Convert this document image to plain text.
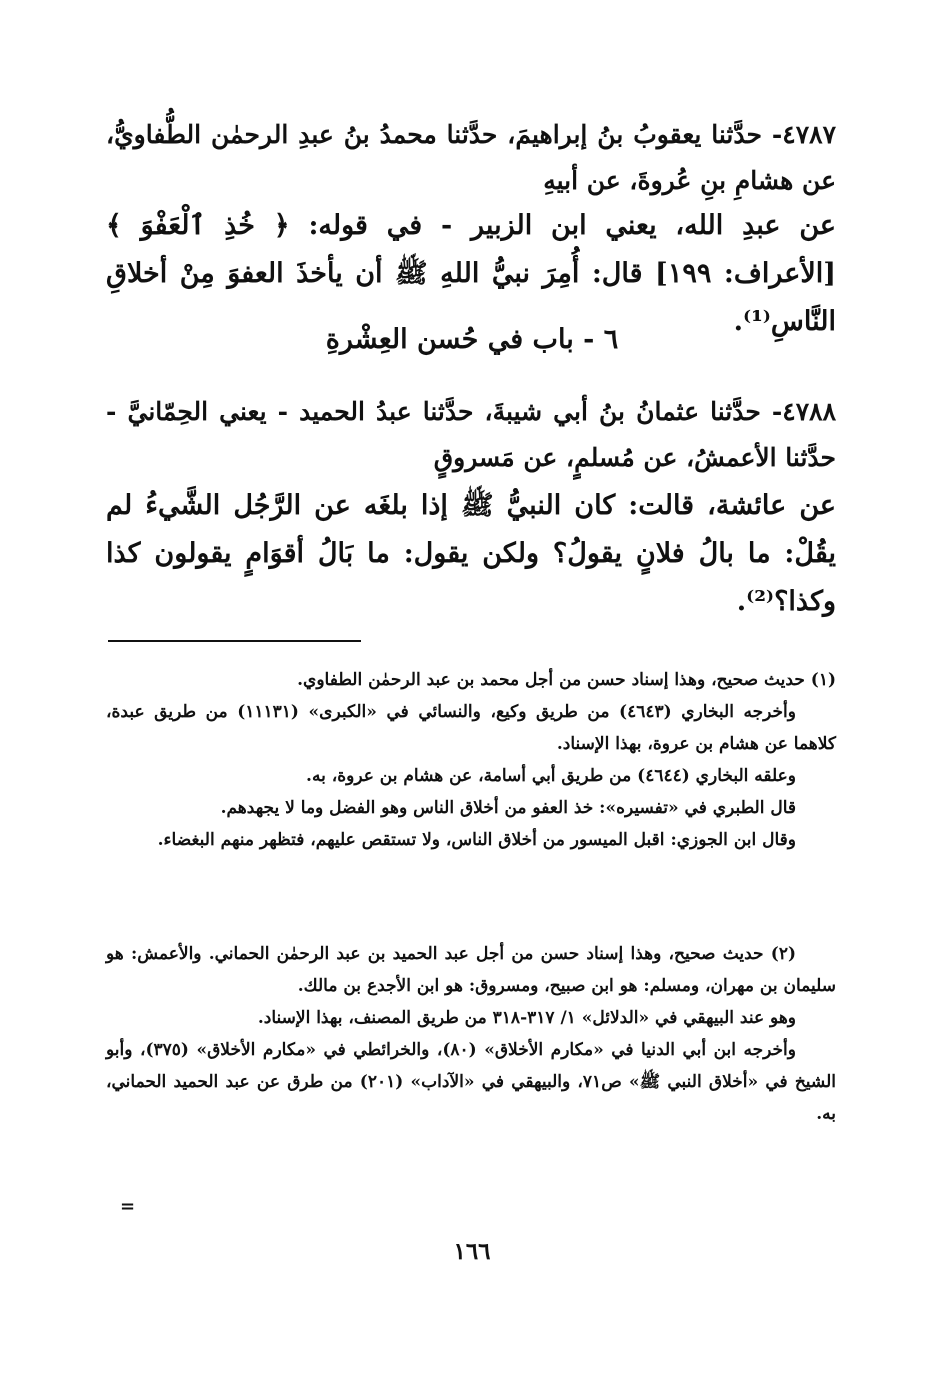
٤٧٨٧- حدَّثنا يعقوبُ بنُ إبراهيمَ، حدَّثنا محمدُ بنُ عبدِ الرحمٰن الطُّفاويُّ، عن هشامِ بنِ عُروةَ، عن أبيهِ
عن عبدِ الله، يعني ابن الزبير - في قوله: ﴿ خُذِ ٱلْعَفْوَ ﴾ [الأعراف: ١٩٩] قال: أُمِرَ نبيُّ اللهِ ﷺ أن يأخذَ العفوَ مِنْ أخلاقِ النَّاسِ⁽¹⁾.
٦ - باب في حُسن العِشْرةِ
٤٧٨٨- حدَّثنا عثمانُ بنُ أبي شيبةَ، حدَّثنا عبدُ الحميد - يعني الحِمّانيَّ - حدَّثنا الأعمشُ، عن مُسلمٍ، عن مَسروقٍ
عن عائشة، قالت: كان النبيُّ ﷺ إذا بلغَه عن الرَّجُل الشَّيءُ لم يقُلْ: ما بالُ فلانٍ يقولُ؟ ولكن يقول: ما بَالُ أقوَامٍ يقولون كذا وكذا؟⁽²⁾.

(١) حديث صحيح، وهذا إسناد حسن من أجل محمد بن عبد الرحمٰن الطفاوي.

وأخرجه البخاري (٤٦٤٣) من طريق وكيع، والنسائي في «الكبرى» (١١١٣١) من طريق عبدة، كلاهما عن هشام بن عروة، بهذا الإسناد.

وعلقه البخاري (٤٦٤٤) من طريق أبي أسامة، عن هشام بن عروة، به.

قال الطبري في «تفسيره»: خذ العفو من أخلاق الناس وهو الفضل وما لا يجهدهم.

وقال ابن الجوزي: اقبل الميسور من أخلاق الناس، ولا تستقص عليهم، فتظهر منهم البغضاء.

(٢) حديث صحيح، وهذا إسناد حسن من أجل عبد الحميد بن عبد الرحمٰن الحماني. والأعمش: هو سليمان بن مهران، ومسلم: هو ابن صبيح، ومسروق: هو ابن الأجدع بن مالك.

وهو عند البيهقي في «الدلائل» ١/ ٣١٧-٣١٨ من طريق المصنف، بهذا الإسناد.

وأخرجه ابن أبي الدنيا في «مكارم الأخلاق» (٨٠)، والخرائطي في «مكارم الأخلاق» (٣٧٥)، وأبو الشيخ في «أخلاق النبي ﷺ» ص٧١، والبيهقي في «الآداب» (٢٠١) من طرق عن عبد الحميد الحماني، به.

=
١٦٦
